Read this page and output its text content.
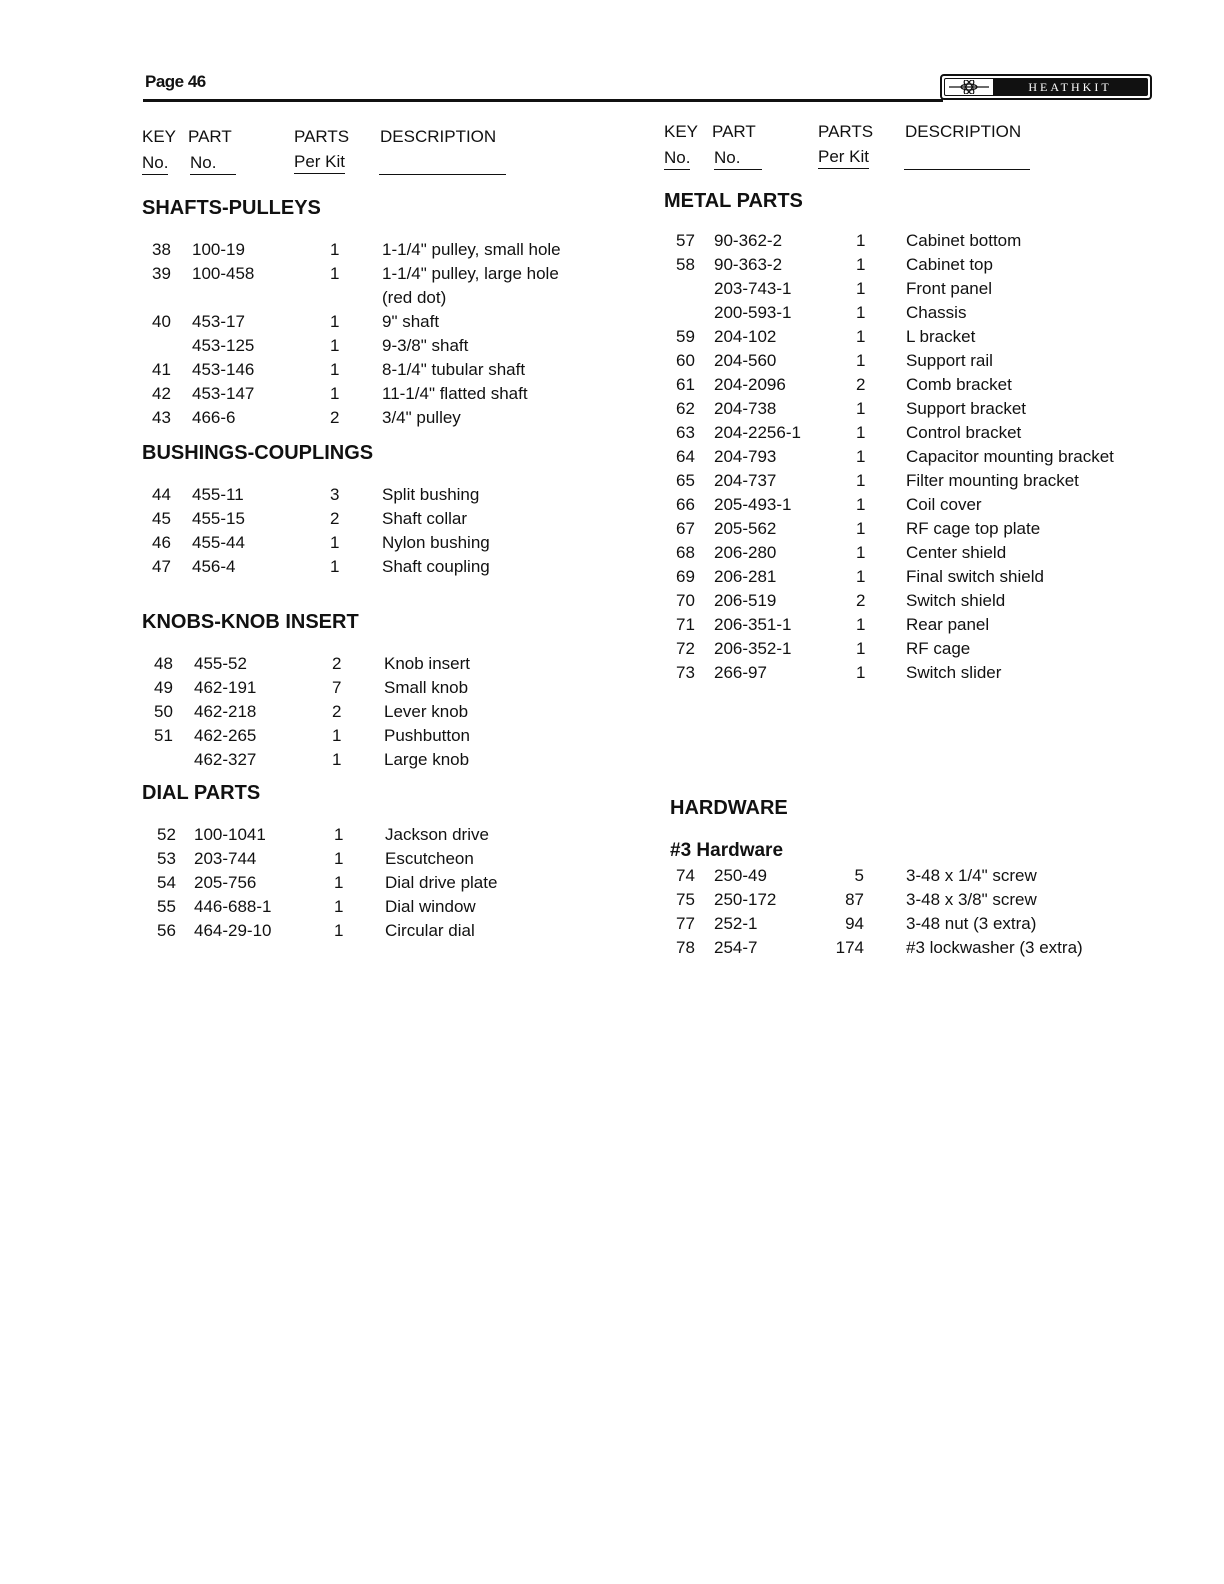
Page 46	HEATHKIT
KEY PART	PARTS DESCRIPTION
No. No.	Per Kit
SHAFTS-PULLEYS
38 100-19	1	1-1/4" pulley, small hole
39 100-458	1	1-1/4" pulley, large hole
(red dot)
40 453-17	1	9" shaft
453-125	1	9-3/8" shaft
41 453-146	1	8-1/4" tubular shaft
42 453-147	1	11-1/4" flatted shaft
43 466-6	2	3/4" pulley
BUSHINGS-COUPLINGS
44 455-11	3	Split bushing
45 455-15	2	Shaft collar
46 455-44	1	Nylon bushing
47 456-4	1	Shaft coupling
KNOBS-KNOB INSERT
48 455-52	2	Knob insert
49 462-191	7	Small knob
50 462-218	2	Lever knob
51 462-265	1	Pushbutton
462-327	1	Large knob
DIAL PARTS
52 100-1041	1 Jackson drive
53 203-744	1 Escutcheon
54 205-756	1 Dial drive plate
55 446-688-1	1 Dial window
56 464-29-10	1 Circular dial
KEY PART	PARTS DESCRIPTION
No. No.	Per Kit
METAL PARTS
57 90-362-2	1 Cabinet bottom
58 90-363-2	1 Cabinet top
203-743-1	1 Front panel
200-593-1	1 Chassis
59 204-102	1 L bracket
60 204-560	1 Support rail
61 204-2096	2 Comb bracket
62 204-738	1 Support bracket
63 204-2256-1	1 Control bracket
64 204-793	1 Capacitor mounting bracket
65 204-737	1 Filter mounting bracket
66 205-493-1	1 Coil cover
67 205-562	1 RF cage top plate
68 206-280	1 Center shield
69 206-281	1 Final switch shield
70 206-519	2 Switch shield
71 206-351-1	1 Rear panel
72 206-352-1	1 RF cage
73 266-97	1 Switch slider
HARDWARE
#3 Hardware
74 250-49	5 3-48 x 1/4" screw
75 250-172	87 3-48 x 3/8" screw
77 252-1	94 3-48 nut (3 extra)
78 254-7	174 #3 lockwasher (3 extra)
